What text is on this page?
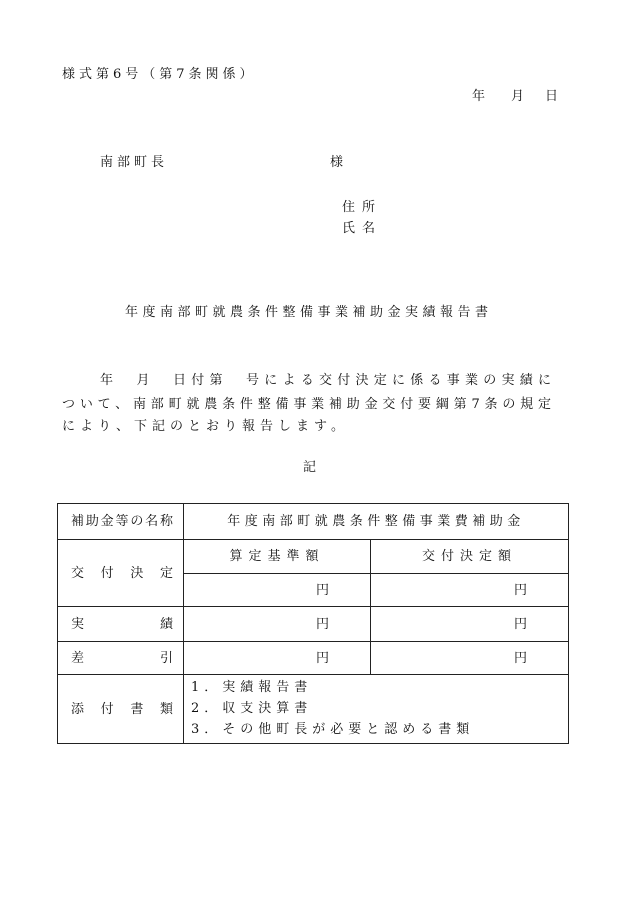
様式第6号（第7条関係）
年 月 日
南部町長	様
住所
氏名
年度南部町就農条件整備事業補助金実績報告書
年　月　日付第　号による交付決定に係る事業の実績に
ついて、南部町就農条件整備事業補助金交付要綱第7条の規定
により、下記のとおり報告します。
記
補助金等の名称	年度南部町就農条件整備事業費補助金	
交付決定	算定基準額	交付決定額
	円	円
実績	円	円
差引	円	円
添付書類	1．実績報告書
2．収支決算書
3．その他町長が必要と認める書類	
